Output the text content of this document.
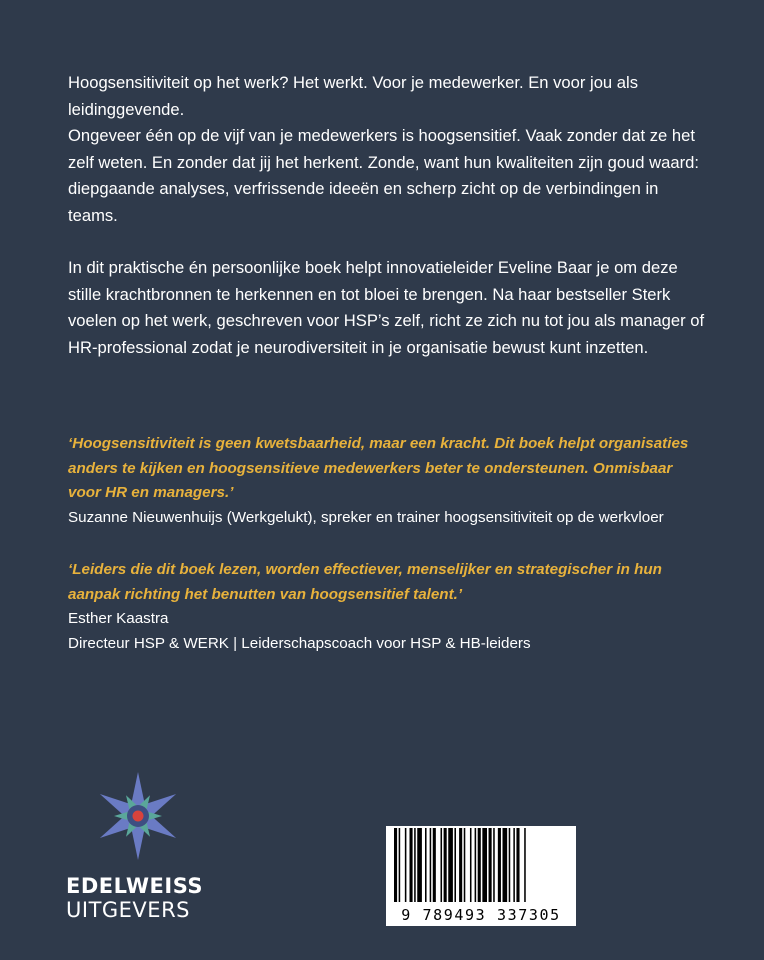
Hoogsensitiviteit op het werk? Het werkt. Voor je medewerker. En voor jou als leidinggevende.

Ongeveer één op de vijf van je medewerkers is hoogsensitief. Vaak zonder dat ze het zelf weten. En zonder dat jij het herkent. Zonde, want hun kwaliteiten zijn goud waard: diepgaande analyses, verfrissende ideeën en scherp zicht op de verbindingen in teams.

In dit praktische én persoonlijke boek helpt innovatieleider Eveline Baar je om deze stille krachtbronnen te herkennen en tot bloei te brengen. Na haar bestseller Sterk voelen op het werk, geschreven voor HSP’s zelf, richt ze zich nu tot jou als manager of HR-professional zodat je neurodiversiteit in je organisatie bewust kunt inzetten.

‘Hoogsensitiviteit is geen kwetsbaarheid, maar een kracht. Dit boek helpt organisaties anders te kijken en hoogsensitieve medewerkers beter te ondersteunen. Onmisbaar voor HR en managers.’

Suzanne Nieuwenhuijs (Werkgelukt), spreker en trainer hoogsensitiviteit op de werkvloer

‘Leiders die dit boek lezen, worden effectiever, menselijker en strategischer in hun aanpak richting het benutten van hoogsensitief talent.’

Esther Kaastra

Directeur HSP & WERK | Leiderschapscoach voor HSP & HB-leiders

EDELWEISS
UITGEVERS	9 789493 337305
